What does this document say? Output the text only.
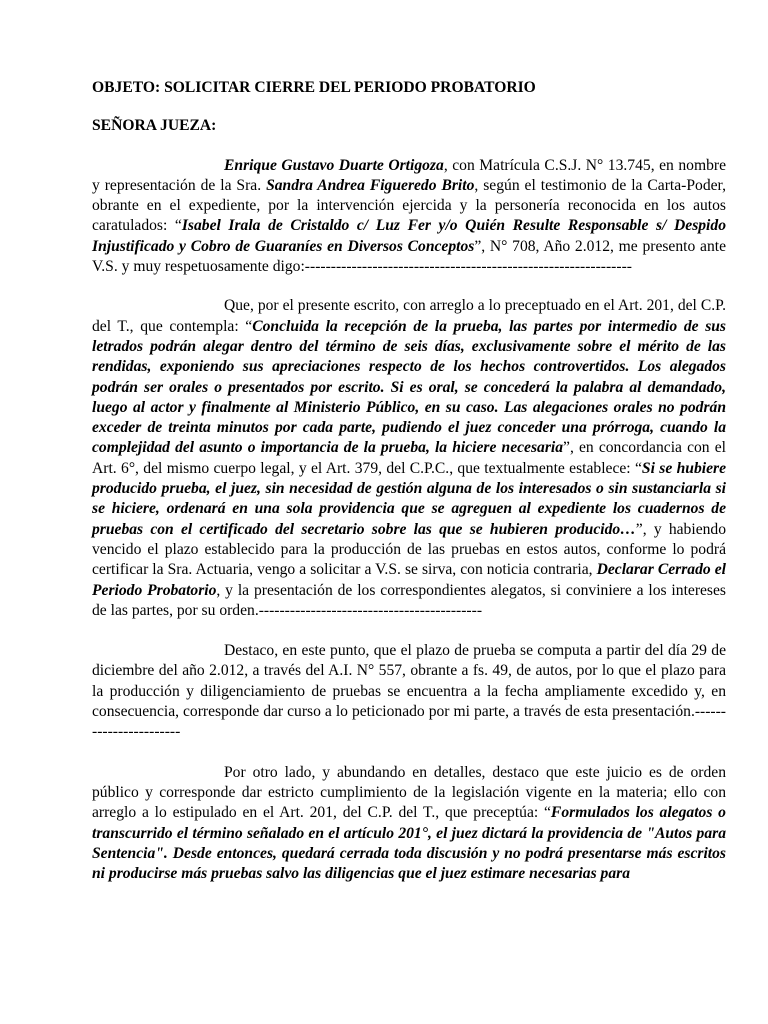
OBJETO: SOLICITAR CIERRE DEL PERIODO PROBATORIO

SEÑORA JUEZA:

Enrique Gustavo Duarte Ortigoza, con Matrícula C.S.J. N° 13.745, en nombre y representación de la Sra. Sandra Andrea Figueredo Brito, según el testimonio de la Carta-Poder, obrante en el expediente, por la intervención ejercida y la personería reconocida en los autos caratulados: “Isabel Irala de Cristaldo c/ Luz Fer y/o Quién Resulte Responsable s/ Despido Injustificado y Cobro de Guaraníes en Diversos Conceptos”, N° 708, Año 2.012, me presento ante V.S. y muy respetuosamente digo:---------------------------------------------------------------

Que, por el presente escrito, con arreglo a lo preceptuado en el Art. 201, del C.P. del T., que contempla: “Concluida la recepción de la prueba, las partes por intermedio de sus letrados podrán alegar dentro del término de seis días, exclusivamente sobre el mérito de las rendidas, exponiendo sus apreciaciones respecto de los hechos controvertidos. Los alegados podrán ser orales o presentados por escrito. Si es oral, se concederá la palabra al demandado, luego al actor y finalmente al Ministerio Público, en su caso. Las alegaciones orales no podrán exceder de treinta minutos por cada parte, pudiendo el juez conceder una prórroga, cuando la complejidad del asunto o importancia de la prueba, la hiciere necesaria”, en concordancia con el Art. 6°, del mismo cuerpo legal, y el Art. 379, del C.P.C., que textualmente establece: “Si se hubiere producido prueba, el juez, sin necesidad de gestión alguna de los interesados o sin sustanciarla si se hiciere, ordenará en una sola providencia que se agreguen al expediente los cuadernos de pruebas con el certificado del secretario sobre las que se hubieren producido…”, y habiendo vencido el plazo establecido para la producción de las pruebas en estos autos, conforme lo podrá certificar la Sra. Actuaria, vengo a solicitar a V.S. se sirva, con noticia contraria, Declarar Cerrado el Periodo Probatorio, y la presentación de los correspondientes alegatos, si conviniere a los intereses de las partes, por su orden.-------------------------------------------

Destaco, en este punto, que el plazo de prueba se computa a partir del día 29 de diciembre del año 2.012, a través del A.I. N° 557, obrante a fs. 49, de autos, por lo que el plazo para la producción y diligenciamiento de pruebas se encuentra a la fecha ampliamente excedido y, en consecuencia, corresponde dar curso a lo peticionado por mi parte, a través de esta presentación.-----------------------

Por otro lado, y abundando en detalles, destaco que este juicio es de orden público y corresponde dar estricto cumplimiento de la legislación vigente en la materia; ello con arreglo a lo estipulado en el Art. 201, del C.P. del T., que preceptúa: “Formulados los alegatos o transcurrido el término señalado en el artículo 201°, el juez dictará la providencia de "Autos para Sentencia". Desde entonces, quedará cerrada toda discusión y no podrá presentarse más escritos ni producirse más pruebas salvo las diligencias que el juez estimare necesarias para
